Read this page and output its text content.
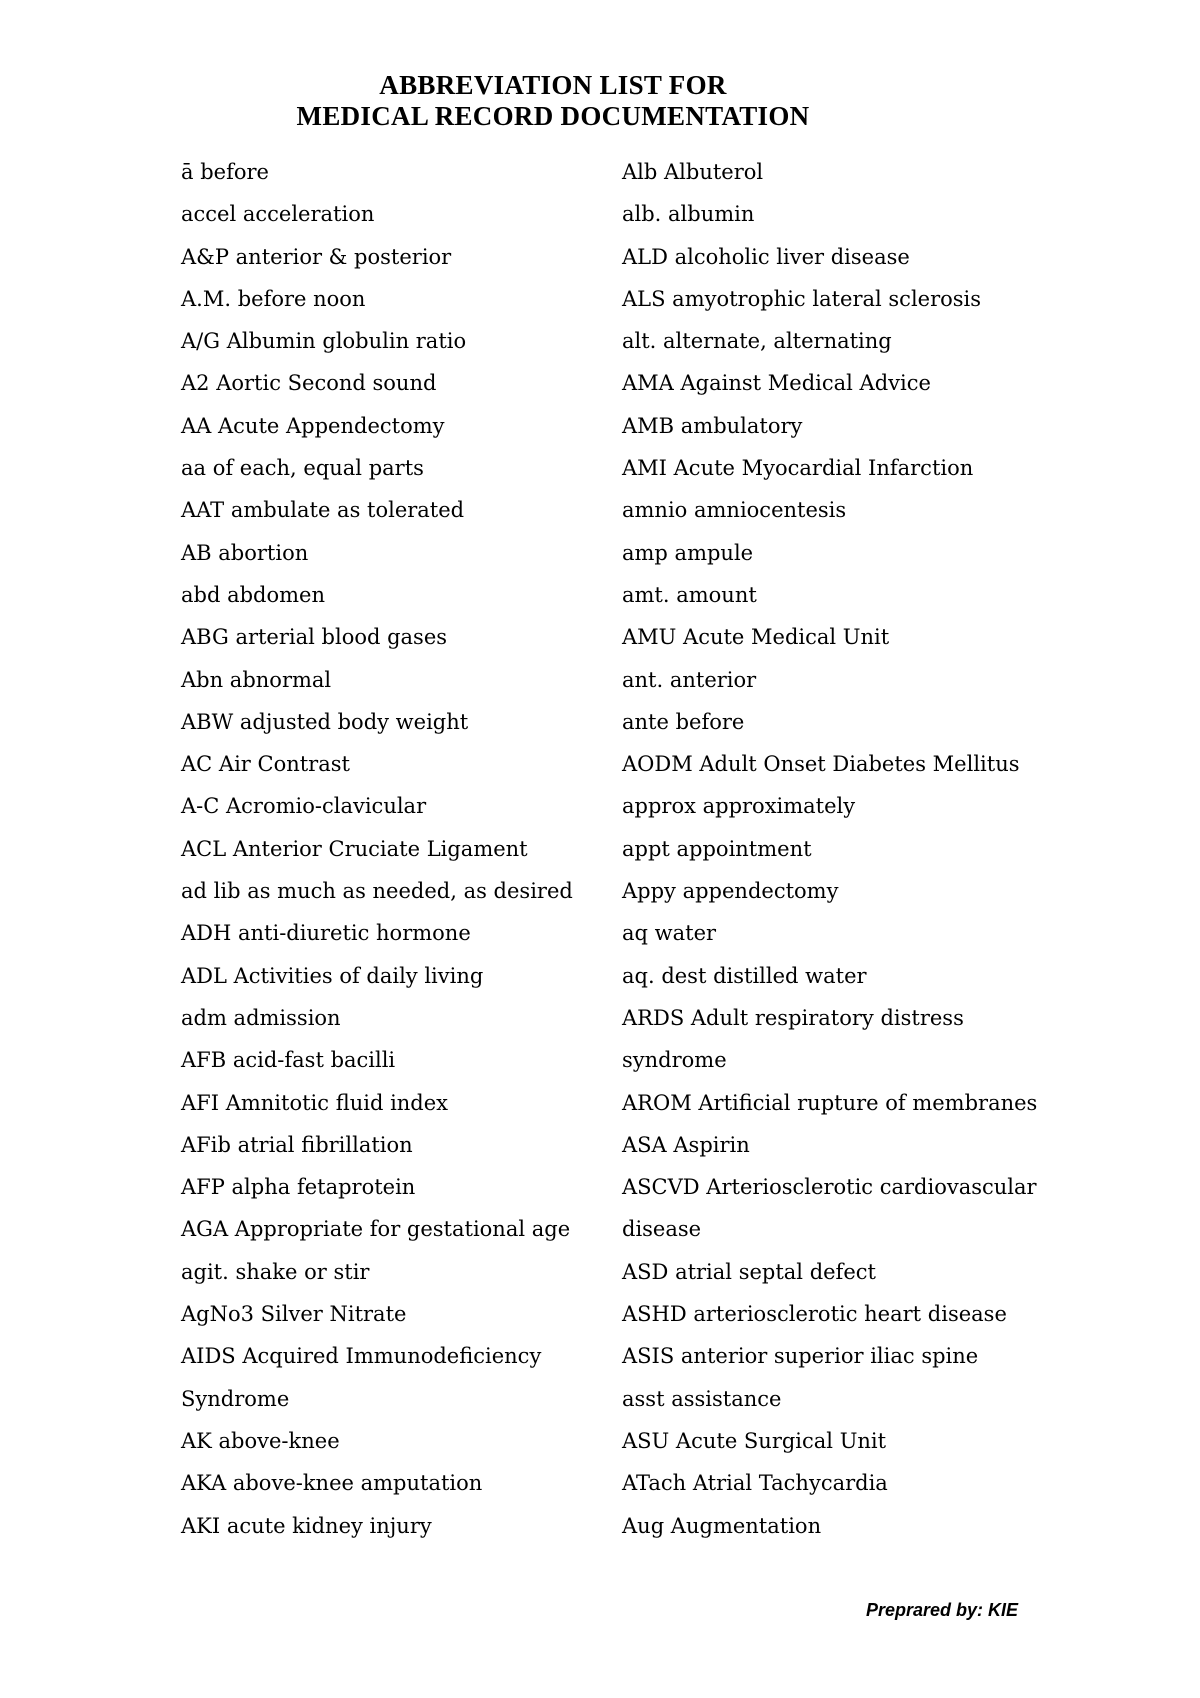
ABBREVIATION LIST FOR
MEDICAL RECORD DOCUMENTATION
ā before
accel acceleration
A&P anterior & posterior
A.M. before noon
A/G Albumin globulin ratio
A2 Aortic Second sound
AA Acute Appendectomy
aa of each, equal parts
AAT ambulate as tolerated
AB abortion
abd abdomen
ABG arterial blood gases
Abn abnormal
ABW adjusted body weight
AC Air Contrast
A-C Acromio-clavicular
ACL Anterior Cruciate Ligament
ad lib as much as needed, as desired
ADH anti-diuretic hormone
ADL Activities of daily living
adm admission
AFB acid-fast bacilli
AFI Amnitotic fluid index
AFib atrial fibrillation
AFP alpha fetaprotein
AGA Appropriate for gestational age
agit. shake or stir
AgNo3 Silver Nitrate
AIDS Acquired Immunodeficiency
Syndrome
AK above-knee
AKA above-knee amputation
AKI acute kidney injury
Alb Albuterol
alb. albumin
ALD alcoholic liver disease
ALS amyotrophic lateral sclerosis
alt. alternate, alternating
AMA Against Medical Advice
AMB ambulatory
AMI Acute Myocardial Infarction
amnio amniocentesis
amp ampule
amt. amount
AMU Acute Medical Unit
ant. anterior
ante before
AODM Adult Onset Diabetes Mellitus
approx approximately
appt appointment
Appy appendectomy
aq water
aq. dest distilled water
ARDS Adult respiratory distress
syndrome
AROM Artificial rupture of membranes
ASA Aspirin
ASCVD Arteriosclerotic cardiovascular
disease
ASD atrial septal defect
ASHD arteriosclerotic heart disease
ASIS anterior superior iliac spine
asst assistance
ASU Acute Surgical Unit
ATach Atrial Tachycardia
Aug Augmentation
Preprared by: KIE
